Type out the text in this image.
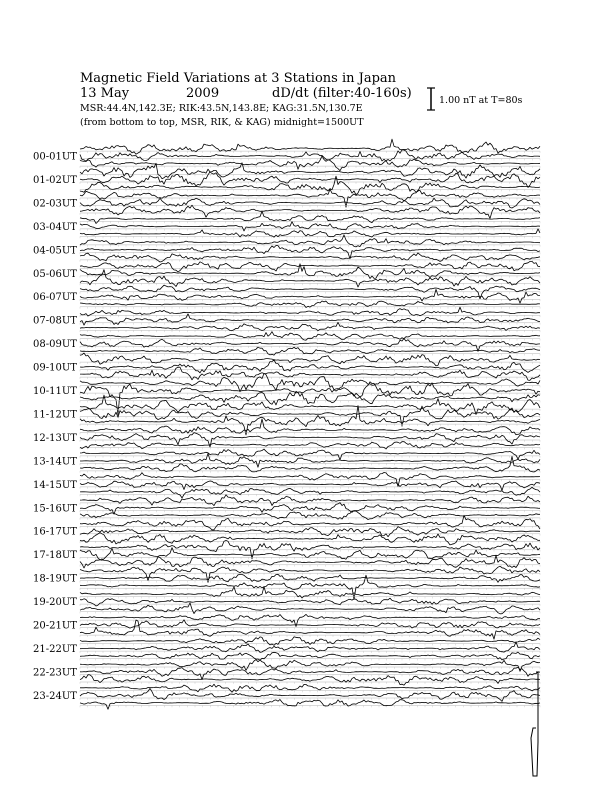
Magnetic Field Variations at 3 Stations in Japan
13 May	2009	dD/dt (filter:40-160s)
MSR:44.4N,142.3E; RIK:43.5N,143.8E; KAG:31.5N,130.7E
(from bottom to top, MSR, RIK, & KAG) midnight=1500UT
1.00 nT at T=80s
00-01UT
01-02UT
02-03UT
03-04UT
04-05UT
05-06UT
06-07UT
07-08UT
08-09UT
09-10UT
10-11UT
11-12UT
12-13UT
13-14UT
14-15UT
15-16UT
16-17UT
17-18UT
18-19UT
19-20UT
20-21UT
21-22UT
22-23UT
23-24UT
